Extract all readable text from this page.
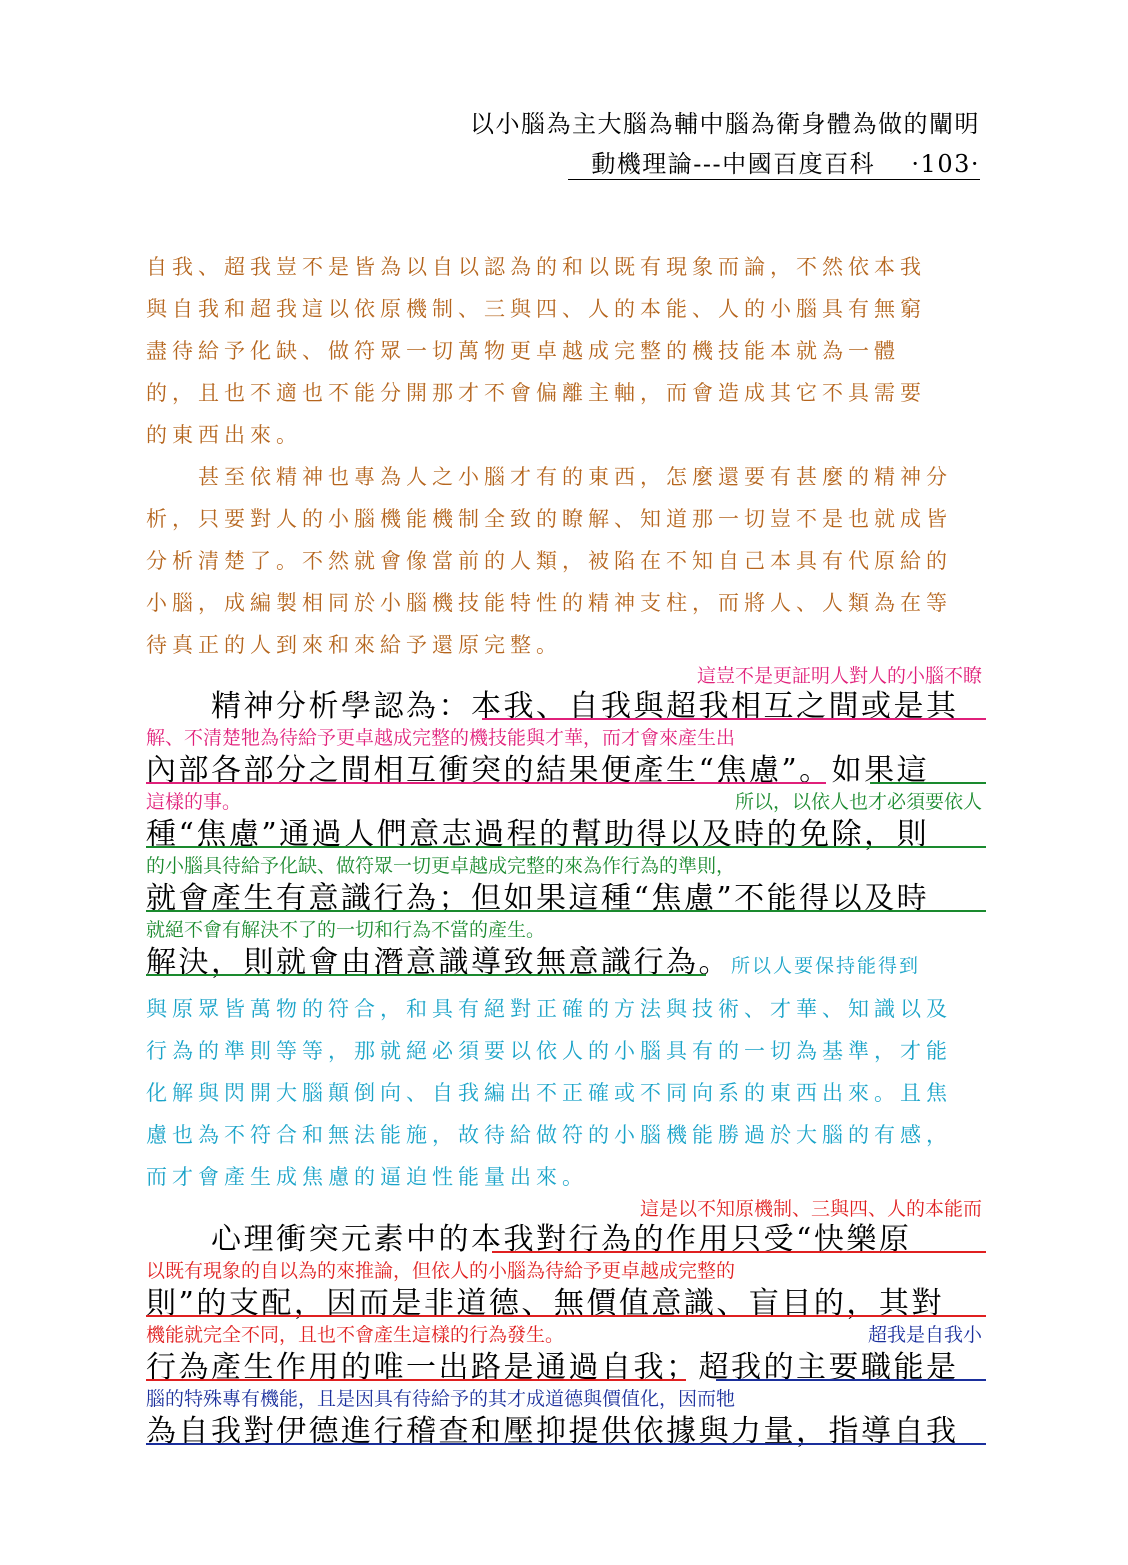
以小腦為主大腦為輔中腦為衛身體為做的闡明
動機理論---中國百度百科 ·103·
自我、超我豈不是皆為以自以認為的和以既有現象而論，不然依本我
與自我和超我這以依原機制、三與四、人的本能、人的小腦具有無窮
盡待給予化缺、做符眾一切萬物更卓越成完整的機技能本就為一體
的，且也不適也不能分開那才不會偏離主軸，而會造成其它不具需要
的東西出來。
　　甚至依精神也專為人之小腦才有的東西，怎麼還要有甚麼的精神分
析，只要對人的小腦機能機制全致的瞭解、知道那一切豈不是也就成皆
分析清楚了。不然就會像當前的人類，被陷在不知自己本具有代原給的
小腦，成編製相同於小腦機技能特性的精神支柱，而將人、人類為在等
待真正的人到來和來給予還原完整。
這豈不是更証明人對人的小腦不瞭
　　精神分析學認為：本我、自我與超我相互之間或是其
解、不清楚牠為待給予更卓越成完整的機技能與才華，而才會來產生出
內部各部分之間相互衝突的結果便產生“焦慮”。如果這
這樣的事。	所以，以依人也才必須要依人
種“焦慮”通過人們意志過程的幫助得以及時的免除，則
的小腦具待給予化缺、做符眾一切更卓越成完整的來為作行為的準則，
就會產生有意識行為；但如果這種“焦慮”不能得以及時
就絕不會有解決不了的一切和行為不當的產生。
解決，則就會由潛意識導致無意識行為。所以人要保持能得到
與原眾皆萬物的符合，和具有絕對正確的方法與技術、才華、知識以及
行為的準則等等，那就絕必須要以依人的小腦具有的一切為基準，才能
化解與閃開大腦顛倒向、自我編出不正確或不同向系的東西出來。且焦
慮也為不符合和無法能施，故待給做符的小腦機能勝過於大腦的有感，
而才會產生成焦慮的逼迫性能量出來。
這是以不知原機制、三與四、人的本能而
　　心理衝突元素中的本我對行為的作用只受“快樂原
以既有現象的自以為的來推論，但依人的小腦為待給予更卓越成完整的
則”的支配，因而是非道德、無價值意識、盲目的，其對
機能就完全不同，且也不會產生這樣的行為發生。	超我是自我小
行為產生作用的唯一出路是通過自我；超我的主要職能是
腦的特殊專有機能，且是因具有待給予的其才成道德與價值化，因而牠
為自我對伊德進行稽查和壓抑提供依據與力量，指導自我
